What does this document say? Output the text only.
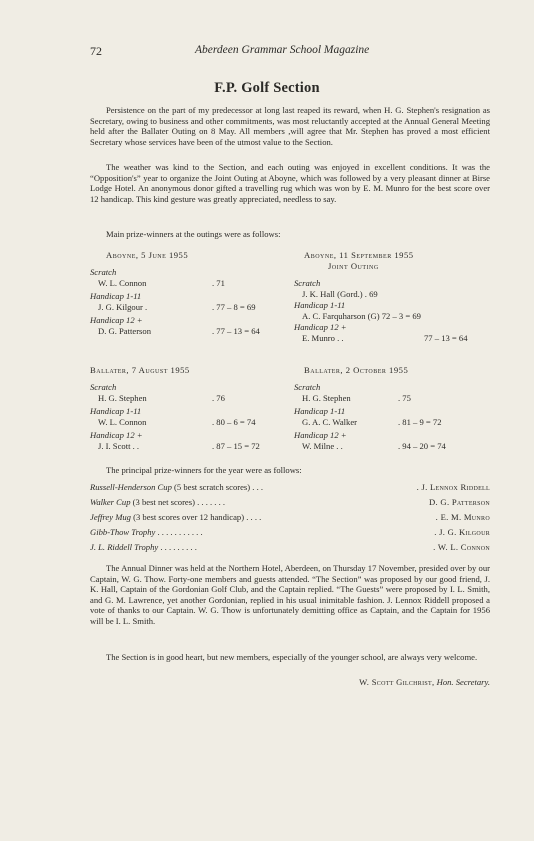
72	Aberdeen Grammar School Magazine
F.P. Golf Section

Persistence on the part of my predecessor at long last reaped its reward, when H. G. Stephen's resignation as Secretary, owing to business and other commitments, was most reluctantly accepted at the Annual General Meeting held after the Ballater Outing on 8 May. All members ,will agree that Mr. Stephen has proved a most efficient Secretary whose services have been of the utmost value to the Section.

The weather was kind to the Section, and each outing was enjoyed in excellent conditions. It was the “Opposition's” year to organize the Joint Outing at Aboyne, which was followed by a very pleasant dinner at Birse Lodge Hotel. An anonymous donor gifted a travelling rug which was won by E. M. Munro for the best score over 12 handicap. This kind gesture was greatly appreciated, needless to say.

Main prize-winners at the outings were as follows:

Aboyne, 5 June 1955
Scratch
W. L. Connon	. 71
Handicap 1-11
J. G. Kilgour .	. 77 – 8 = 69
Handicap 12 +
D. G. Patterson	. 77 – 13 = 64
Aboyne, 11 September 1955
Joint Outing
Scratch
J. K. Hall (Gord.) . 69
Handicap 1-11
A. C. Farquharson (G) 72 – 3 = 69
Handicap 12 +
E. Munro . .	77 – 13 = 64
Ballater, 7 August 1955
Scratch
H. G. Stephen	. 76
Handicap 1-11
W. L. Connon	. 80 – 6 = 74
Handicap 12 +
J. I. Scott . .	. 87 – 15 = 72
Ballater, 2 October 1955
Scratch
H. G. Stephen	. 75
Handicap 1-11
G. A. C. Walker	. 81 – 9 = 72
Handicap 12 +
W. Milne . .	. 94 – 20 = 74

The principal prize-winners for the year were as follows:

Russell-Henderson Cup (5 best scratch scores) . . .	. J. Lennox Riddell
Walker Cup (3 best net scores) . . . . . . .	D. G. Patterson
Jeffrey Mug (3 best scores over 12 handicap) . . . .	. E. M. Munro
Gibb-Thow Trophy . . . . . . . . . . .	. J. G. Kilgour
J. L. Riddell Trophy . . . . . . . . .	. W. L. Connon

The Annual Dinner was held at the Northern Hotel, Aberdeen, on Thursday 17 November, presided over by our Captain, W. G. Thow. Forty-one members and guests attended. “The Section” was proposed by our good friend, J. K. Hall, Captain of the Gordonian Golf Club, and the Captain replied. “The Guests” were proposed by I. L. Smith, and G. M. Lawrence, yet another Gordonian, replied in his usual inimitable fashion. J. Lennox Riddell proposed a vote of thanks to our Captain. W. G. Thow is unfortunately demitting office as Captain, and the Captain for 1956 will be I. L. Smith.

The Section is in good heart, but new members, especially of the younger school, are always very welcome.

W. Scott Gilchrist, Hon. Secretary.
